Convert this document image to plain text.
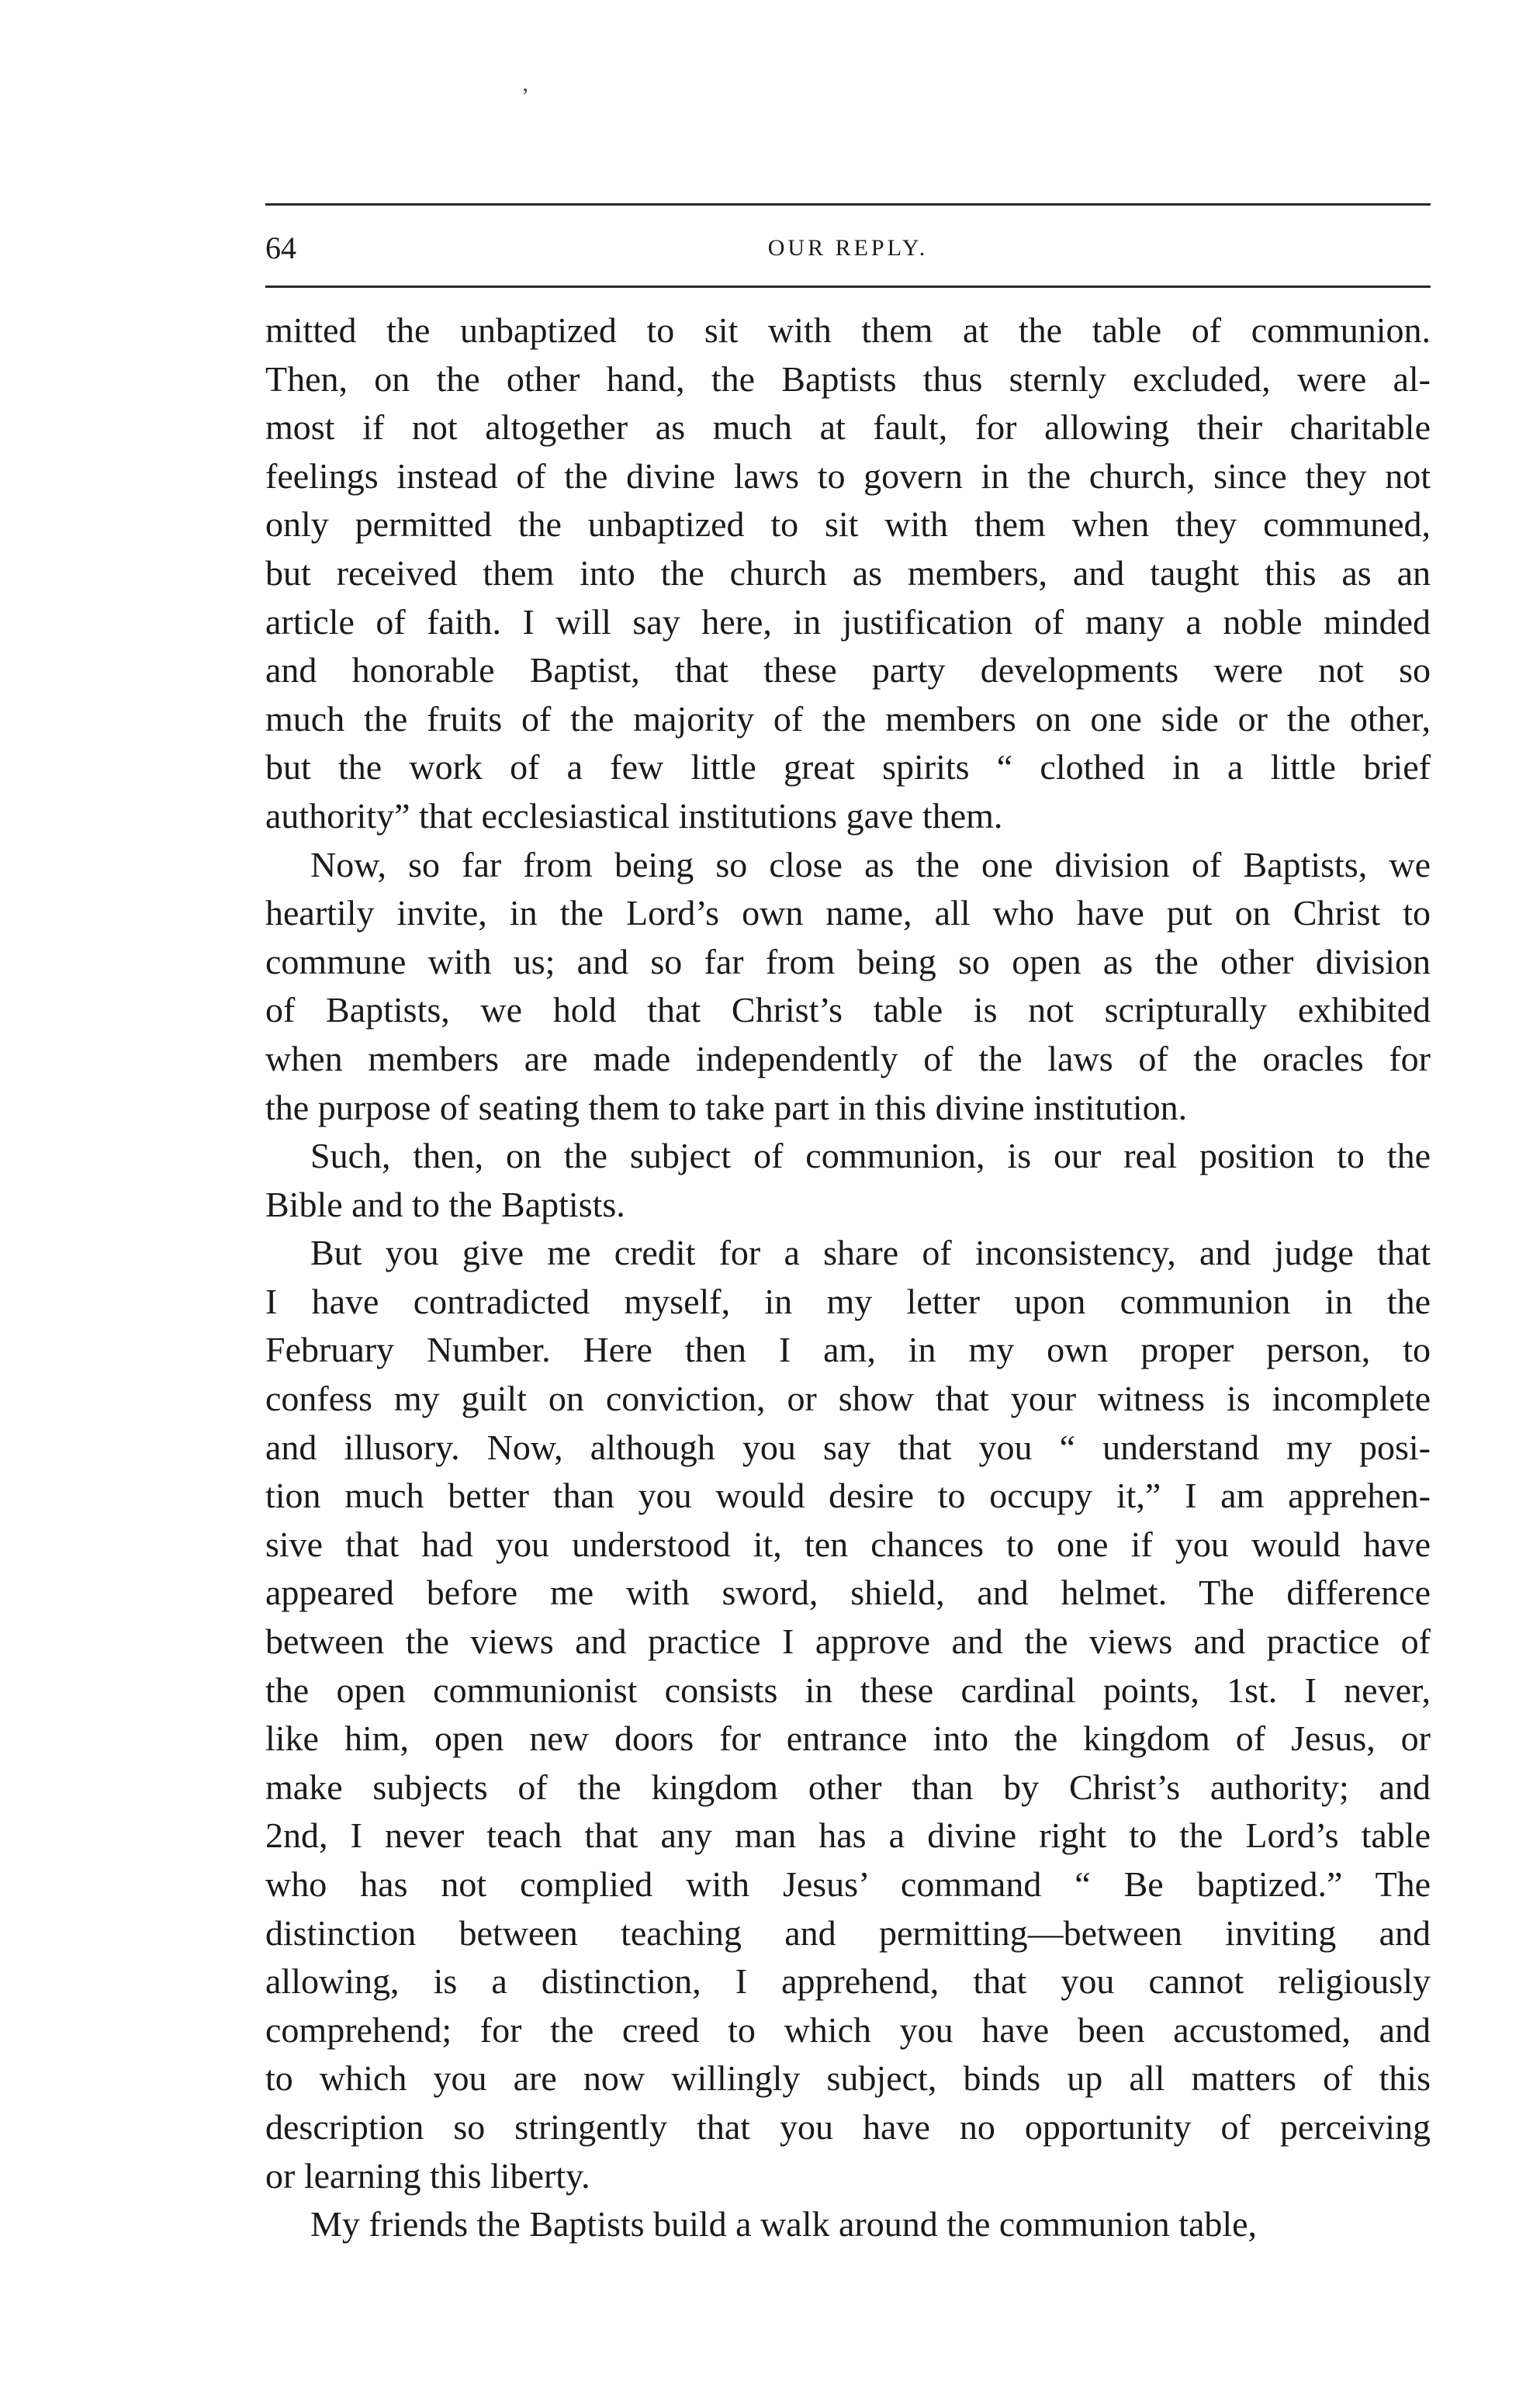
ʼ
64	OUR REPLY.
mitted the unbaptized to sit with them at the table of communion.
Then, on the other hand, the Baptists thus sternly excluded, were al-
most if not altogether as much at fault, for allowing their charitable
feelings instead of the divine laws to govern in the church, since they not
only permitted the unbaptized to sit with them when they communed,
but received them into the church as members, and taught this as an
article of faith. I will say here, in justification of many a noble minded
and honorable Baptist, that these party developments were not so
much the fruits of the majority of the members on one side or the other,
but the work of a few little great spirits “ clothed in a little brief
authority” that ecclesiastical institutions gave them.
Now, so far from being so close as the one division of Baptists, we
heartily invite, in the Lord’s own name, all who have put on Christ to
commune with us; and so far from being so open as the other division
of Baptists, we hold that Christ’s table is not scripturally exhibited
when members are made independently of the laws of the oracles for
the purpose of seating them to take part in this divine institution.
Such, then, on the subject of communion, is our real position to the
Bible and to the Baptists.
But you give me credit for a share of inconsistency, and judge that
I have contradicted myself, in my letter upon communion in the
February Number. Here then I am, in my own proper person, to
confess my guilt on conviction, or show that your witness is incomplete
and illusory. Now, although you say that you “ understand my posi-
tion much better than you would desire to occupy it,” I am apprehen-
sive that had you understood it, ten chances to one if you would have
appeared before me with sword, shield, and helmet. The difference
between the views and practice I approve and the views and practice of
the open communionist consists in these cardinal points, 1st. I never,
like him, open new doors for entrance into the kingdom of Jesus, or
make subjects of the kingdom other than by Christ’s authority; and
2nd, I never teach that any man has a divine right to the Lord’s table
who has not complied with Jesus’ command “ Be baptized.” The
distinction between teaching and permitting—between inviting and
allowing, is a distinction, I apprehend, that you cannot religiously
comprehend; for the creed to which you have been accustomed, and
to which you are now willingly subject, binds up all matters of this
description so stringently that you have no opportunity of perceiving
or learning this liberty.
My friends the Baptists build a walk around the communion table,
